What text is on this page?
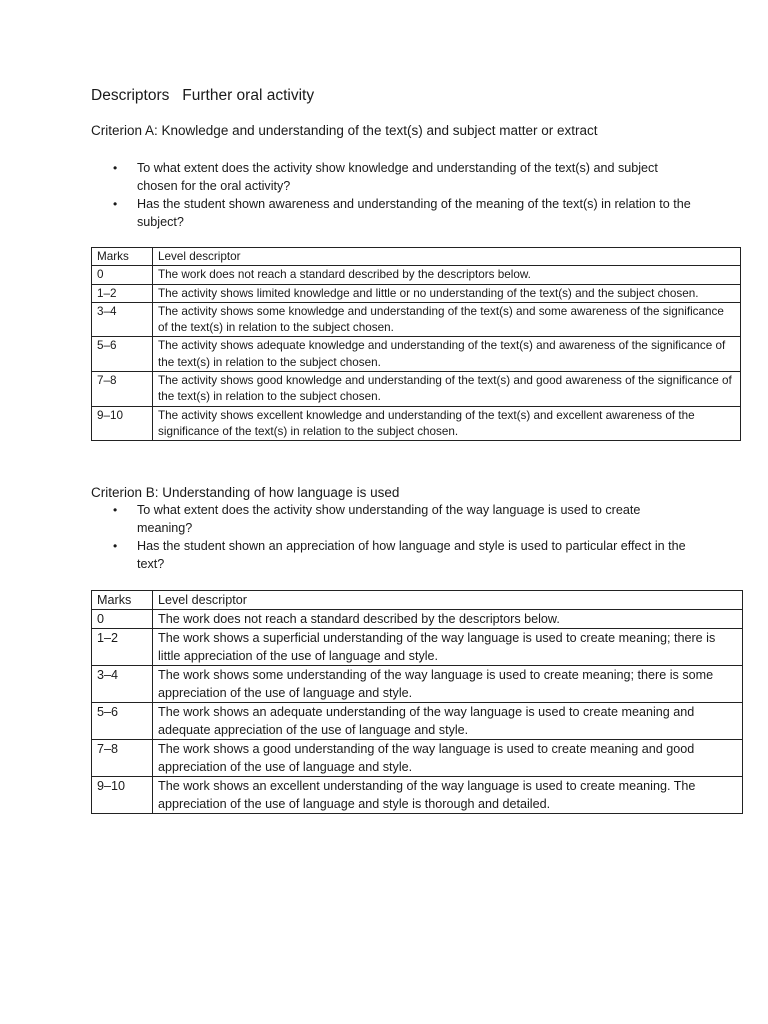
Descriptors   Further oral activity
Criterion A: Knowledge and understanding of the text(s) and subject matter or extract
• To what extent does the activity show knowledge and understanding of the text(s) and subject chosen for the oral activity?
• Has the student shown awareness and understanding of the meaning of the text(s) in relation to the subject?
Marks	Level descriptor
0	The work does not reach a standard described by the descriptors below.
1–2	The activity shows limited knowledge and little or no understanding of the text(s) and the subject chosen.
3–4	The activity shows some knowledge and understanding of the text(s) and some awareness of the significance of the text(s) in relation to the subject chosen.
5–6	The activity shows adequate knowledge and understanding of the text(s) and awareness of the significance of the text(s) in relation to the subject chosen.
7–8	The activity shows good knowledge and understanding of the text(s) and good awareness of the significance of the text(s) in relation to the subject chosen.
9–10	The activity shows excellent knowledge and understanding of the text(s) and excellent awareness of the significance of the text(s) in relation to the subject chosen.
Criterion B: Understanding of how language is used
• To what extent does the activity show understanding of the way language is used to create meaning?
• Has the student shown an appreciation of how language and style is used to particular effect in the text?
Marks	Level descriptor
0	The work does not reach a standard described by the descriptors below.
1–2	The work shows a superficial understanding of the way language is used to create meaning; there is little appreciation of the use of language and style.
3–4	The work shows some understanding of the way language is used to create meaning; there is some appreciation of the use of language and style.
5–6	The work shows an adequate understanding of the way language is used to create meaning and adequate appreciation of the use of language and style.
7–8	The work shows a good understanding of the way language is used to create meaning and good appreciation of the use of language and style.
9–10	The work shows an excellent understanding of the way language is used to create meaning. The appreciation of the use of language and style is thorough and detailed.
